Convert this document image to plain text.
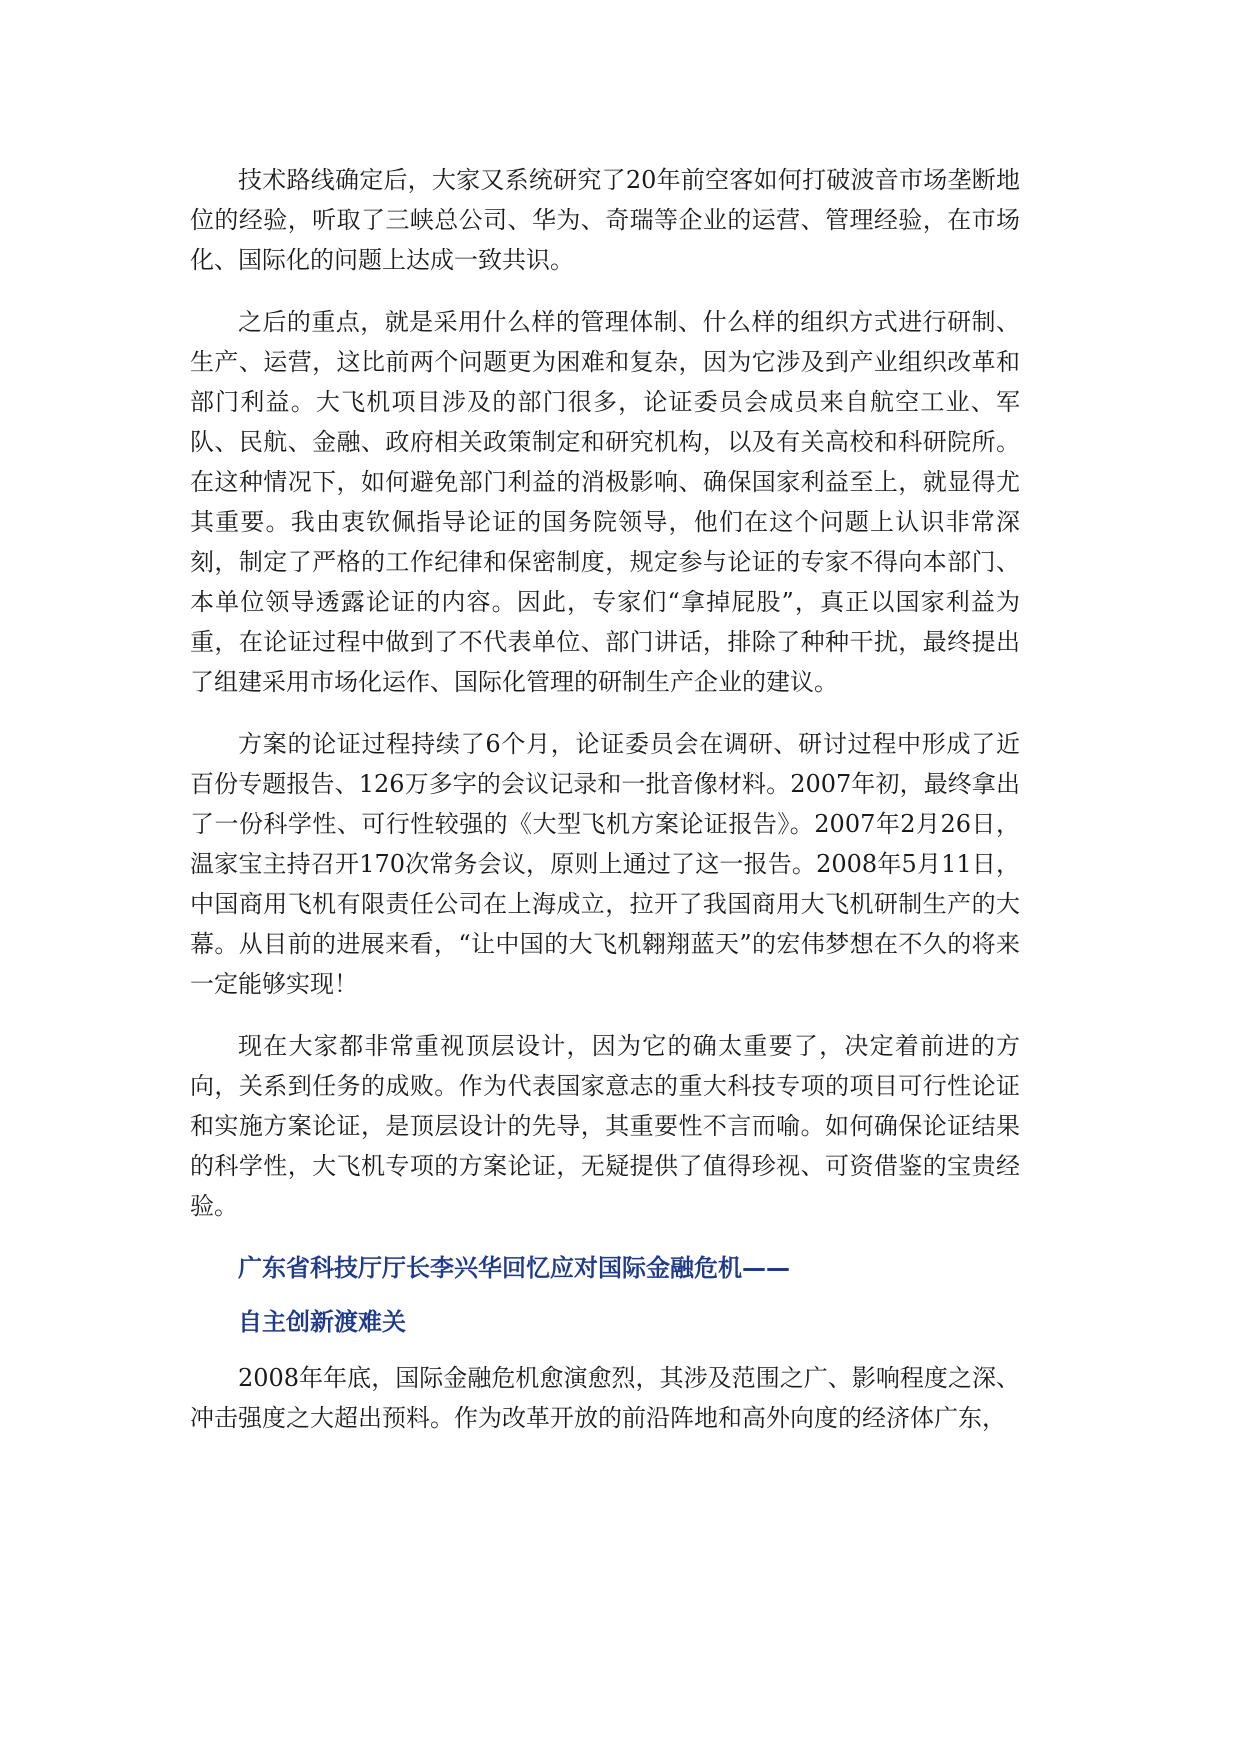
技术路线确定后，大家又系统研究了20年前空客如何打破波音市场垄断地位的经验，听取了三峡总公司、华为、奇瑞等企业的运营、管理经验，在市场化、国际化的问题上达成一致共识。

之后的重点，就是采用什么样的管理体制、什么样的组织方式进行研制、生产、运营，这比前两个问题更为困难和复杂，因为它涉及到产业组织改革和部门利益。大飞机项目涉及的部门很多，论证委员会成员来自航空工业、军队、民航、金融、政府相关政策制定和研究机构，以及有关高校和科研院所。在这种情况下，如何避免部门利益的消极影响、确保国家利益至上，就显得尤其重要。我由衷钦佩指导论证的国务院领导，他们在这个问题上认识非常深刻，制定了严格的工作纪律和保密制度，规定参与论证的专家不得向本部门、本单位领导透露论证的内容。因此，专家们“拿掉屁股”，真正以国家利益为重，在论证过程中做到了不代表单位、部门讲话，排除了种种干扰，最终提出了组建采用市场化运作、国际化管理的研制生产企业的建议。

方案的论证过程持续了6个月，论证委员会在调研、研讨过程中形成了近百份专题报告、126万多字的会议记录和一批音像材料。2007年初，最终拿出了一份科学性、可行性较强的《大型飞机方案论证报告》。2007年2月26日，温家宝主持召开170次常务会议，原则上通过了这一报告。2008年5月11日，中国商用飞机有限责任公司在上海成立，拉开了我国商用大飞机研制生产的大幕。从目前的进展来看，“让中国的大飞机翱翔蓝天”的宏伟梦想在不久的将来一定能够实现！

现在大家都非常重视顶层设计，因为它的确太重要了，决定着前进的方向，关系到任务的成败。作为代表国家意志的重大科技专项的项目可行性论证和实施方案论证，是顶层设计的先导，其重要性不言而喻。如何确保论证结果的科学性，大飞机专项的方案论证，无疑提供了值得珍视、可资借鉴的宝贵经验。

广东省科技厅厅长李兴华回忆应对国际金融危机——
自主创新渡难关

2008年年底，国际金融危机愈演愈烈，其涉及范围之广、影响程度之深、冲击强度之大超出预料。作为改革开放的前沿阵地和高外向度的经济体广东，
